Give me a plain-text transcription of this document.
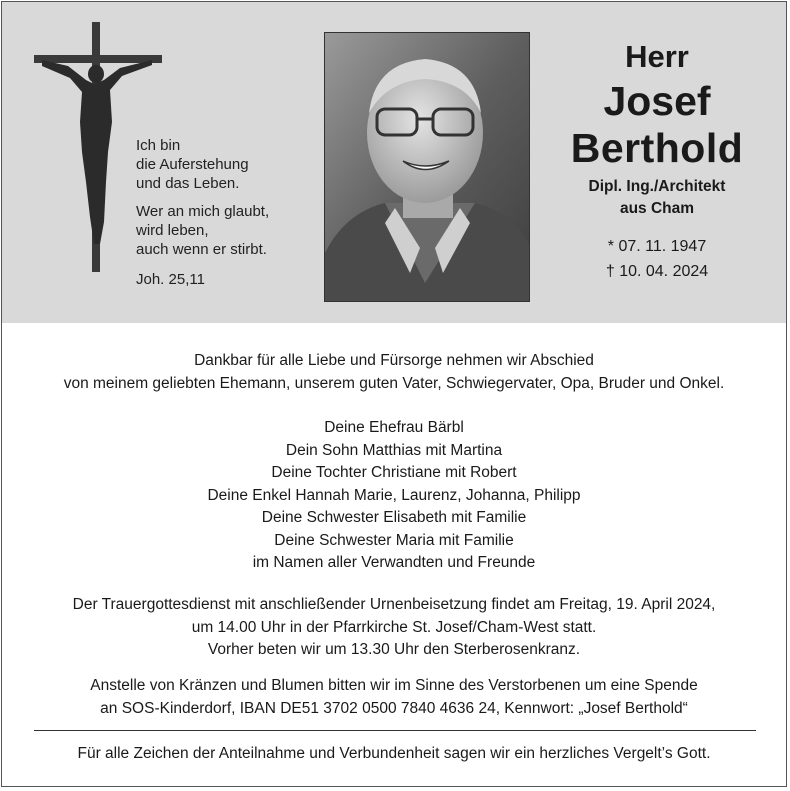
Ich bin
die Auferstehung
und das Leben.

Wer an mich glaubt,
wird leben,
auch wenn er stirbt.

Joh. 25,11

Herr
Josef
Berthold
Dipl. Ing./Architekt
aus Cham
* 07. 11. 1947
† 10. 04. 2024
Dankbar für alle Liebe und Fürsorge nehmen wir Abschied
von meinem geliebten Ehemann, unserem guten Vater, Schwiegervater, Opa, Bruder und Onkel.
Deine Ehefrau Bärbl
Dein Sohn Matthias mit Martina
Deine Tochter Christiane mit Robert
Deine Enkel Hannah Marie, Laurenz, Johanna, Philipp
Deine Schwester Elisabeth mit Familie
Deine Schwester Maria mit Familie
im Namen aller Verwandten und Freunde
Der Trauergottesdienst mit anschließender Urnenbeisetzung findet am Freitag, 19. April 2024,
um 14.00 Uhr in der Pfarrkirche St. Josef/Cham-West statt.
Vorher beten wir um 13.30 Uhr den Sterberosenkranz.
Anstelle von Kränzen und Blumen bitten wir im Sinne des Verstorbenen um eine Spende
an SOS-Kinderdorf, IBAN DE51 3702 0500 7840 4636 24, Kennwort: „Josef Berthold“
Für alle Zeichen der Anteilnahme und Verbundenheit sagen wir ein herzliches Vergelt’s Gott.
